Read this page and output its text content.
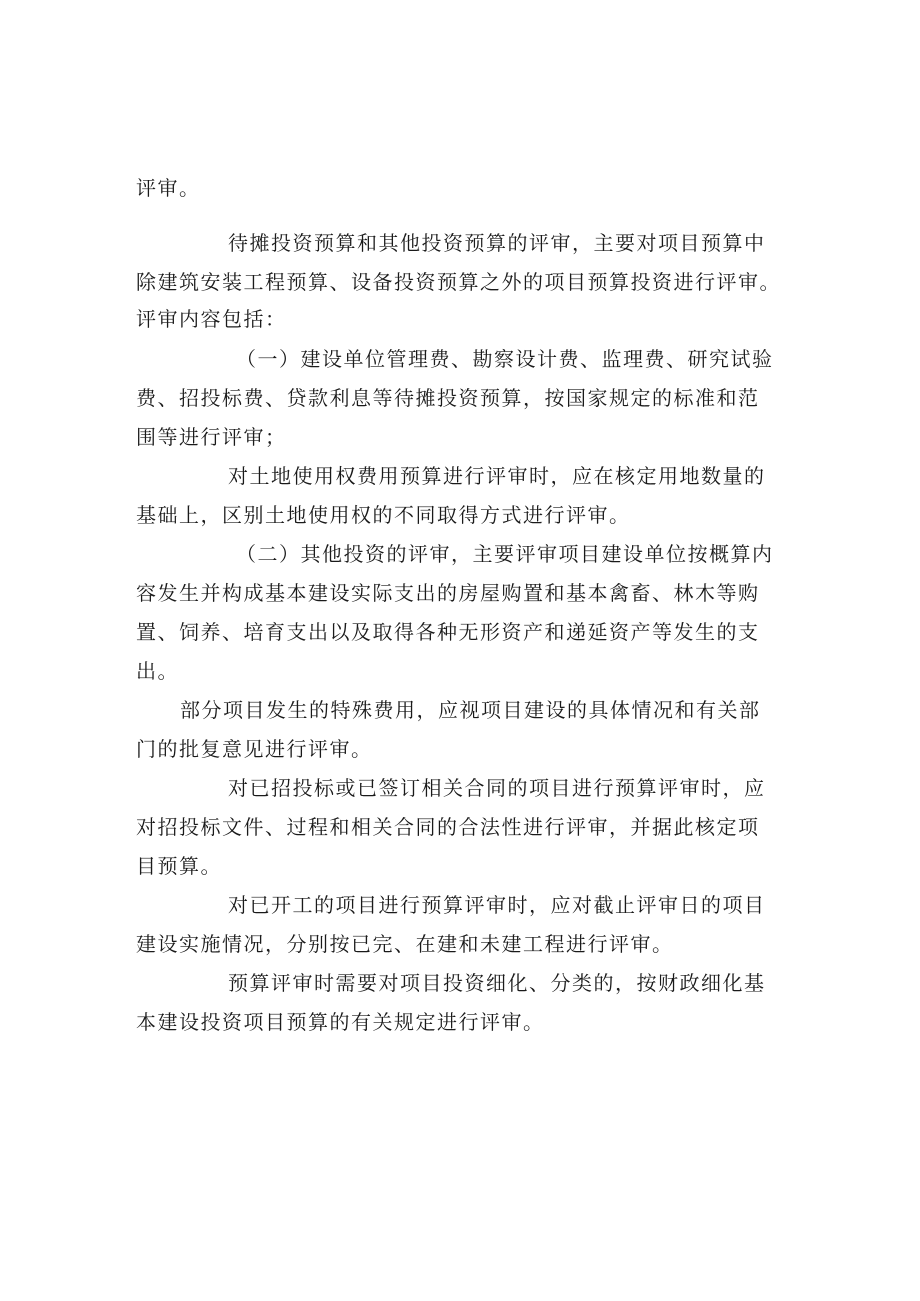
评审。
待摊投资预算和其他投资预算的评审，主要对项目预算中
除建筑安装工程预算、设备投资预算之外的项目预算投资进行评审。
评审内容包括：
（一）建设单位管理费、勘察设计费、监理费、研究试验
费、招投标费、贷款利息等待摊投资预算，按国家规定的标准和范
围等进行评审；
对土地使用权费用预算进行评审时，应在核定用地数量的
基础上，区别土地使用权的不同取得方式进行评审。
（二）其他投资的评审，主要评审项目建设单位按概算内
容发生并构成基本建设实际支出的房屋购置和基本禽畜、林木等购
置、饲养、培育支出以及取得各种无形资产和递延资产等发生的支
出。
部分项目发生的特殊费用，应视项目建设的具体情况和有关部
门的批复意见进行评审。
对已招投标或已签订相关合同的项目进行预算评审时，应
对招投标文件、过程和相关合同的合法性进行评审，并据此核定项
目预算。
对已开工的项目进行预算评审时，应对截止评审日的项目
建设实施情况，分别按已完、在建和未建工程进行评审。
预算评审时需要对项目投资细化、分类的，按财政细化基
本建设投资项目预算的有关规定进行评审。
